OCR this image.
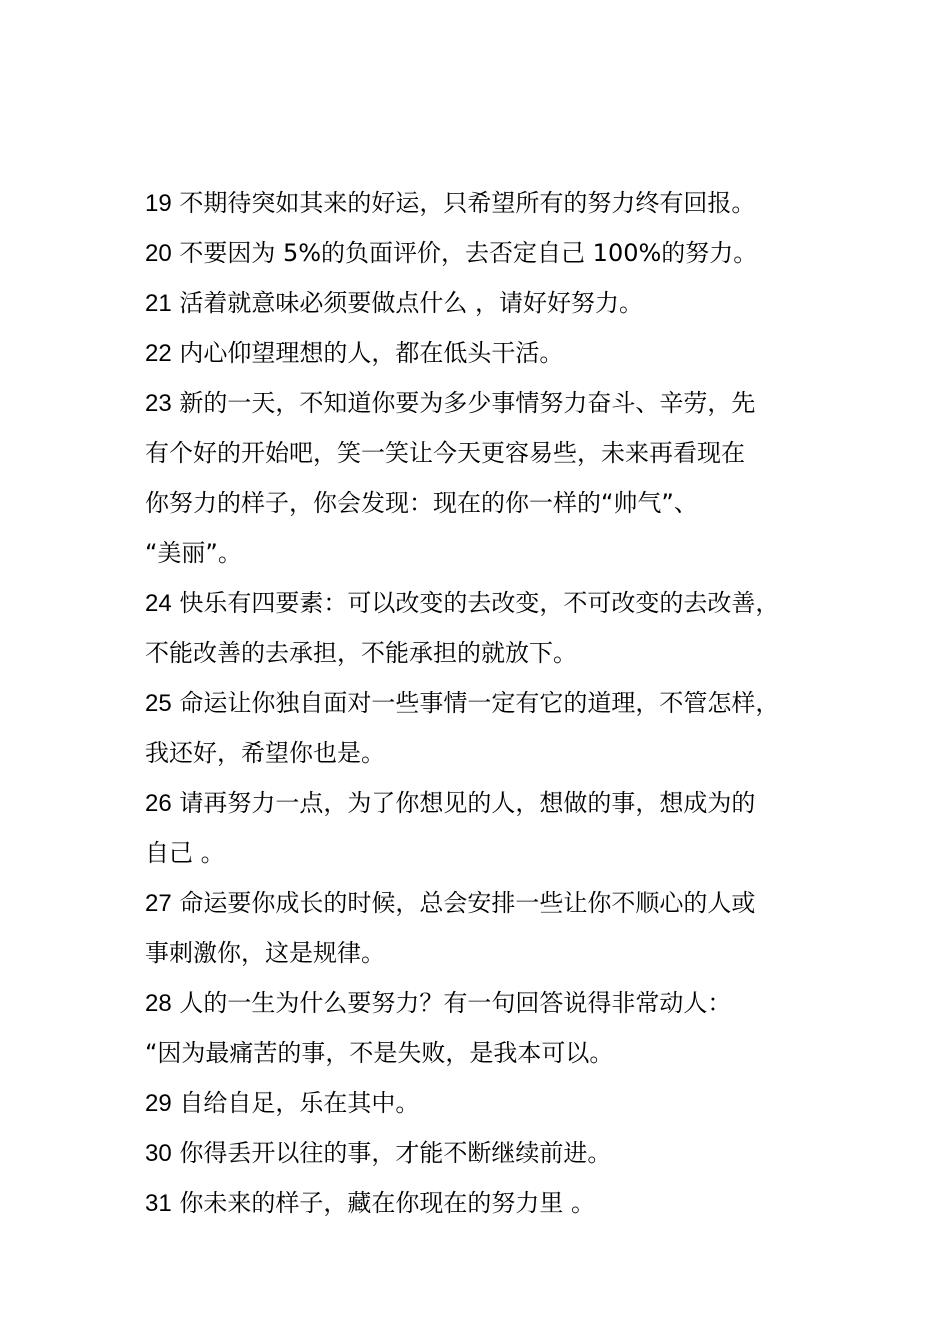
19 不期待突如其来的好运，只希望所有的努力终有回报。
20 不要因为 5%的负面评价，去否定自己 100%的努力。
21 活着就意味必须要做点什么 ，请好好努力。
22 内心仰望理想的人，都在低头干活。
23 新的一天，不知道你要为多少事情努力奋斗、辛劳，先
有个好的开始吧，笑一笑让今天更容易些，未来再看现在
你努力的样子，你会发现：现在的你一样的“帅气”、
“美丽”。
24 快乐有四要素：可以改变的去改变，不可改变的去改善，
不能改善的去承担，不能承担的就放下。
25 命运让你独自面对一些事情一定有它的道理，不管怎样，
我还好，希望你也是。
26 请再努力一点，为了你想见的人，想做的事，想成为的
自己 。
27 命运要你成长的时候，总会安排一些让你不顺心的人或
事刺激你，这是规律。
28 人的一生为什么要努力？有一句回答说得非常动人：
“因为最痛苦的事，不是失败，是我本可以。
29 自给自足，乐在其中。
30 你得丢开以往的事，才能不断继续前进。
31 你未来的样子，藏在你现在的努力里 。
